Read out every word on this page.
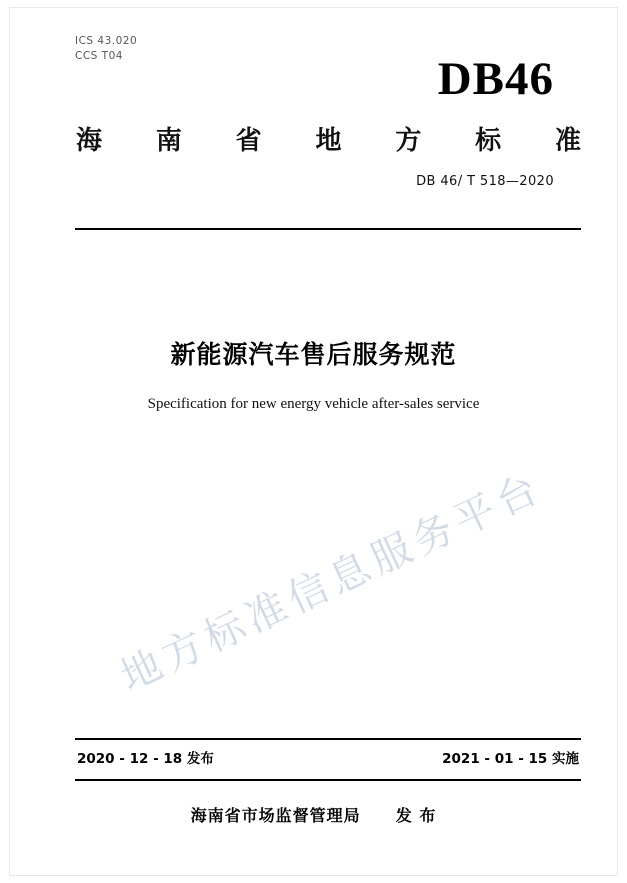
ICS 43.020
CCS T04	DB46
海 南 省 地 方 标 准
DB 46/ T 518—2020
新能源汽车售后服务规范
Specification for new energy vehicle after-sales service
地方标准信息服务平台
2020 - 12 - 18 发布	2021 - 01 - 15 实施
海南省市场监督管理局 发 布
